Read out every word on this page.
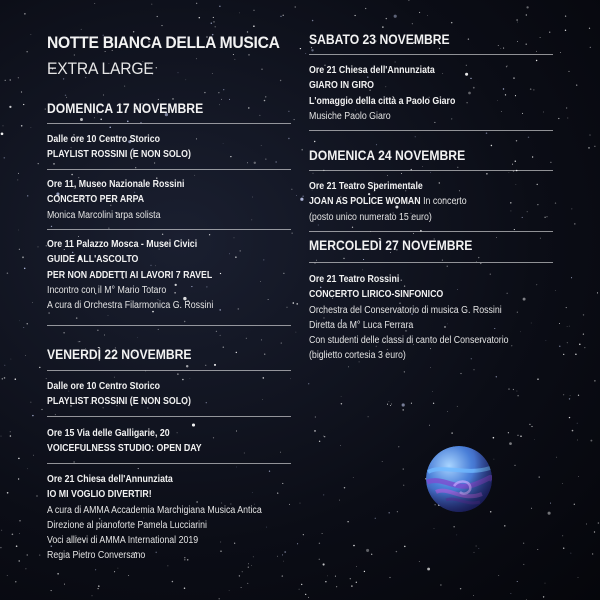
NOTTE BIANCA DELLA MUSICA
EXTRA LARGE
DOMENICA 17 NOVEMBRE
Dalle ore 10 Centro Storico
PLAYLIST ROSSINI (E NON SOLO)
Ore 11, Museo Nazionale Rossini
CONCERTO PER ARPA
Monica Marcolini arpa solista
Ore 11 Palazzo Mosca - Musei Civici
GUIDE ALL'ASCOLTO
PER NON ADDETTI AI LAVORI 7 RAVEL
Incontro con il M° Mario Totaro
A cura di Orchestra Filarmonica G. Rossini
VENERDÌ 22 NOVEMBRE
Dalle ore 10 Centro Storico
PLAYLIST ROSSINI (E NON SOLO)
Ore 15 Via delle Galligarie, 20
VOICEFULNESS STUDIO: OPEN DAY
Ore 21 Chiesa dell'Annunziata
IO MI VOGLIO DIVERTIR!
A cura di AMMA Accademia Marchigiana Musica Antica
Direzione al pianoforte Pamela Lucciarini
Voci allievi di AMMA International 2019
Regia Pietro Conversano
SABATO 23 NOVEMBRE
Ore 21 Chiesa dell'Annunziata
GIARO IN GIRO
L'omaggio della città a Paolo Giaro
Musiche Paolo Giaro
DOMENICA 24 NOVEMBRE
Ore 21 Teatro Sperimentale
JOAN AS POLICE WOMAN In concerto
(posto unico numerato 15 euro)
MERCOLEDÌ 27 NOVEMBRE
Ore 21 Teatro Rossini
CONCERTO LIRICO-SINFONICO
Orchestra del Conservatorio di musica G. Rossini
Diretta da M° Luca Ferrara
Con studenti delle classi di canto del Conservatorio
(biglietto cortesia 3 euro)
